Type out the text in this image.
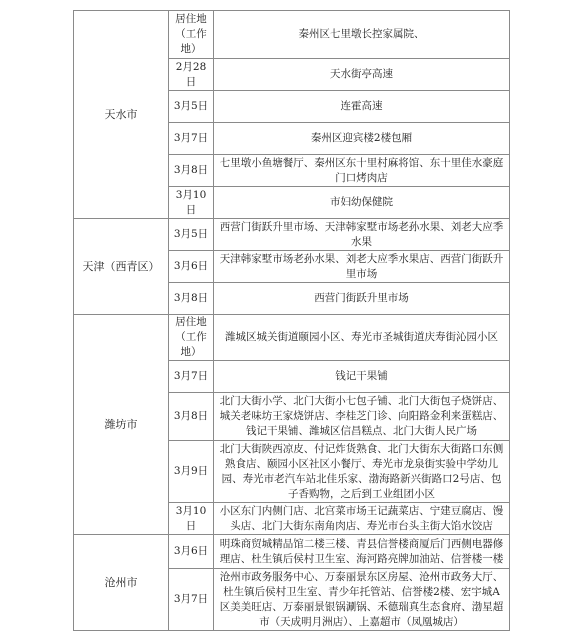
天水市	居住地（工作地）	秦州区七里墩长控家属院、
	2月28日	天水街亭高速
	3月5日	连霍高速
	3月7日	秦州区迎宾楼2楼包厢
	3月8日	七里墩小鱼塘餐厅、秦州区东十里村麻将馆、东十里佳水豪庭门口烤肉店
	3月10日	市妇幼保健院
天津（西青区）	3月5日	西营门街跃升里市场、天津韩家墅市场老孙水果、刘老大应季水果
	3月6日	天津韩家墅市场老孙水果、刘老大应季水果店、西营门街跃升里市场
	3月8日	西营门街跃升里市场
潍坊市	居住地（工作地）	潍城区城关街道颐园小区、寿光市圣城街道庆寿街沁园小区
	3月7日	钱记干果铺
	3月8日	北门大街小学、北门大街小七包子铺、北门大街包子烧饼店、城关老味坊王家烧饼店、李桂芝门诊、向阳路金利来蛋糕店、钱记干果铺、潍城区信昌糕点、北门大街人民广场
	3月9日	北门大街陕西凉皮、付记炸货熟食、北门大街东大街路口东侧熟食店、颐园小区社区小餐厅、寿光市龙泉街实验中学幼儿园、寿光市老汽车站北佳乐家、渤海路新兴街路口2号店、包子香购物，之后到工业组团小区
	3月10日	小区东门内侧门店、北宫菜市场王记蔬菜店、宁建豆腐店、馒头店、北门大街东南角肉店、寿光市台头主街大馅水饺店
沧州市	3月6日	明珠商贸城精品馆二楼三楼、青县信誉楼商厦后门西侧电器修理店、杜生镇后侯村卫生室、海河路亮牌加油站、信誉楼一楼
	3月7日	沧州市政务服务中心、万泰丽景东区房屋、沧州市政务大厅、杜生镇后侯村卫生室、青少年托管站、信誉楼2楼、宏宇城A区美美旺店、万泰丽景银锅涮锅、禾德瑞真生态食府、渤星超市（天成明月洲店）、上嘉超市（凤凰城店）
